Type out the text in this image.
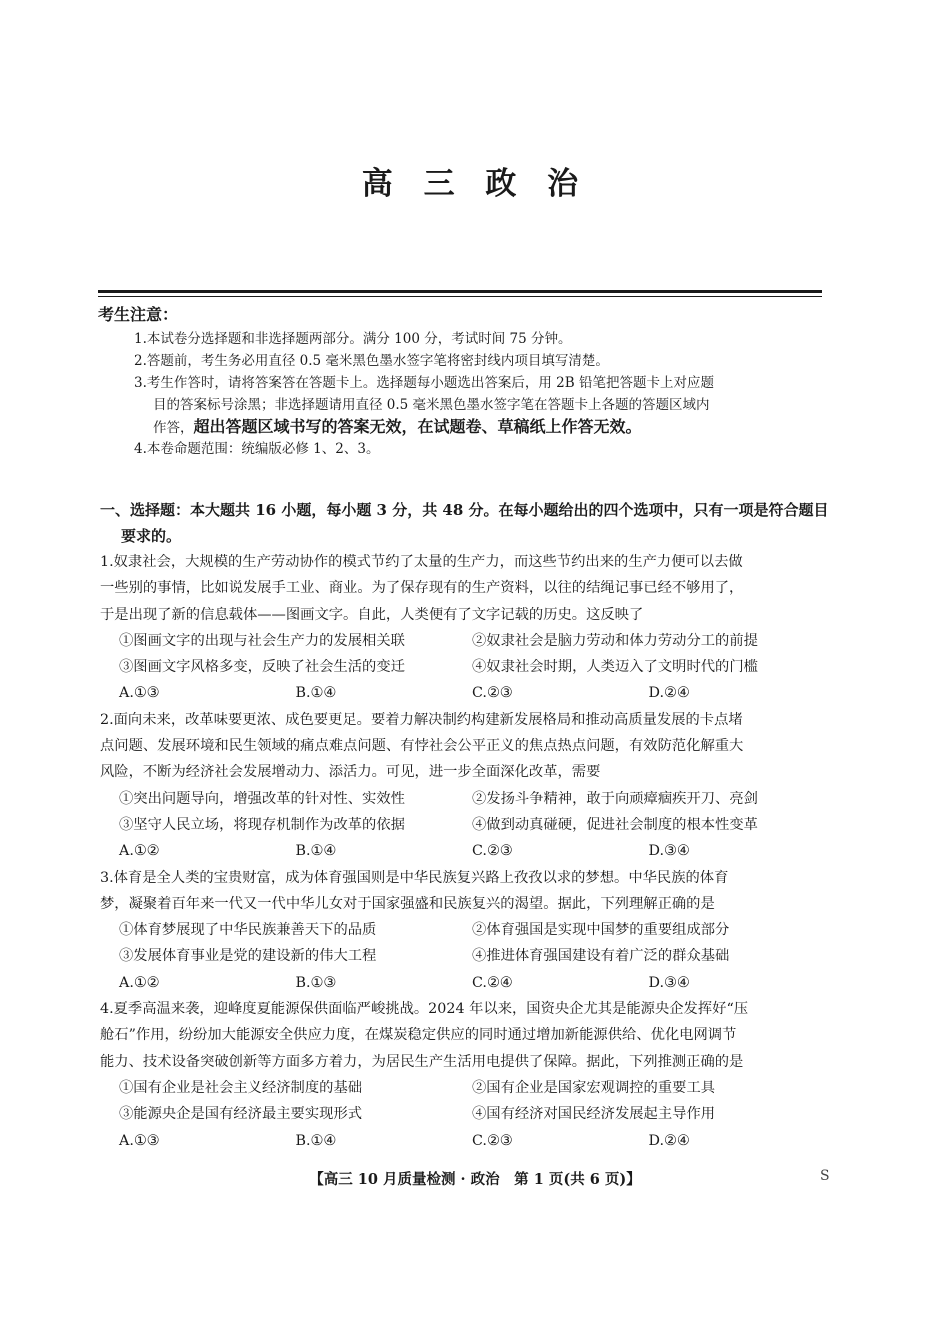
高 三 政 治
考生注意：
1.本试卷分选择题和非选择题两部分。满分 100 分，考试时间 75 分钟。
2.答题前，考生务必用直径 0.5 毫米黑色墨水签字笔将密封线内项目填写清楚。
3.考生作答时，请将答案答在答题卡上。选择题每小题选出答案后，用 2B 铅笔把答题卡上对应题
目的答案标号涂黑；非选择题请用直径 0.5 毫米黑色墨水签字笔在答题卡上各题的答题区域内
作答，超出答题区域书写的答案无效，在试题卷、草稿纸上作答无效。
4.本卷命题范围：统编版必修 1、2、3。
一、选择题：本大题共 16 小题，每小题 3 分，共 48 分。在每小题给出的四个选项中，只有一项是符合题目
要求的。
1.奴隶社会，大规模的生产劳动协作的模式节约了太量的生产力，而这些节约出来的生产力便可以去做
一些别的事情，比如说发展手工业、商业。为了保存现有的生产资料，以往的结绳记事已经不够用了，
于是出现了新的信息载体——图画文字。自此，人类便有了文字记载的历史。这反映了
①图画文字的出现与社会生产力的发展相关联	②奴隶社会是脑力劳动和体力劳动分工的前提
③图画文字风格多变，反映了社会生活的变迁	④奴隶社会时期，人类迈入了文明时代的门槛
A.①③	B.①④	C.②③	D.②④
2.面向未来，改革味要更浓、成色要更足。要着力解决制约构建新发展格局和推动高质量发展的卡点堵
点问题、发展环境和民生领域的痛点难点问题、有悖社会公平正义的焦点热点问题，有效防范化解重大
风险，不断为经济社会发展增动力、添活力。可见，进一步全面深化改革，需要
①突出问题导向，增强改革的针对性、实效性	②发扬斗争精神，敢于向顽瘴痼疾开刀、亮剑
③坚守人民立场，将现存机制作为改革的依据	④做到动真碰硬，促进社会制度的根本性变革
A.①②	B.①④	C.②③	D.③④
3.体育是全人类的宝贵财富，成为体育强国则是中华民族复兴路上孜孜以求的梦想。中华民族的体育
梦，凝聚着百年来一代又一代中华儿女对于国家强盛和民族复兴的渴望。据此，下列理解正确的是
①体育梦展现了中华民族兼善天下的品质	②体育强国是实现中国梦的重要组成部分
③发展体育事业是党的建设新的伟大工程	④推进体育强国建设有着广泛的群众基础
A.①②	B.①③	C.②④	D.③④
4.夏季高温来袭，迎峰度夏能源保供面临严峻挑战。2024 年以来，国资央企尤其是能源央企发挥好“压
舱石”作用，纷纷加大能源安全供应力度，在煤炭稳定供应的同时通过增加新能源供给、优化电网调节
能力、技术设备突破创新等方面多方着力，为居民生产生活用电提供了保障。据此，下列推测正确的是
①国有企业是社会主义经济制度的基础	②国有企业是国家宏观调控的重要工具
③能源央企是国有经济最主要实现形式	④国有经济对国民经济发展起主导作用
A.①③	B.①④	C.②③	D.②④
【高三 10 月质量检测 · 政治　第 1 页(共 6 页)】	S
